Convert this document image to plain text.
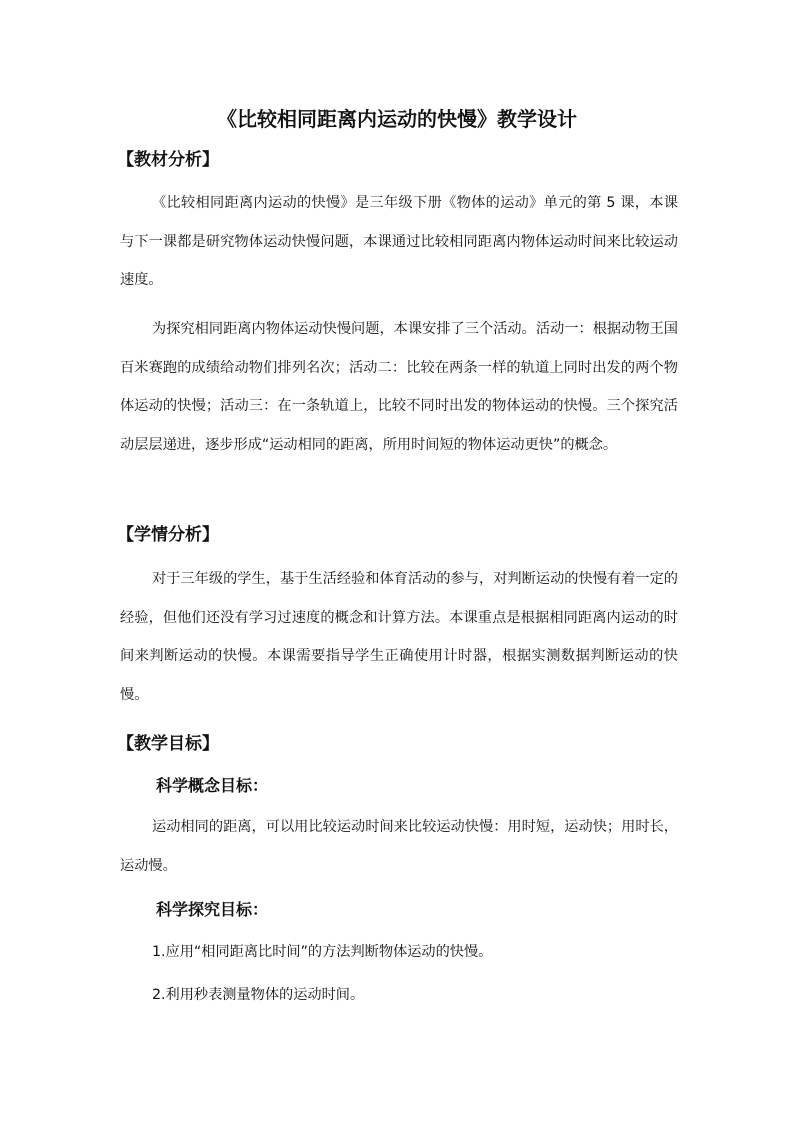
《比较相同距离内运动的快慢》教学设计
【教材分析】
《比较相同距离内运动的快慢》是三年级下册《物体的运动》单元的第 5 课，本课与下一课都是研究物体运动快慢问题，本课通过比较相同距离内物体运动时间来比较运动速度。
为探究相同距离内物体运动快慢问题，本课安排了三个活动。活动一：根据动物王国百米赛跑的成绩给动物们排列名次；活动二：比较在两条一样的轨道上同时出发的两个物体运动的快慢；活动三：在一条轨道上，比较不同时出发的物体运动的快慢。三个探究活动层层递进，逐步形成“运动相同的距离，所用时间短的物体运动更快”的概念。
【学情分析】
对于三年级的学生，基于生活经验和体育活动的参与，对判断运动的快慢有着一定的经验，但他们还没有学习过速度的概念和计算方法。本课重点是根据相同距离内运动的时间来判断运动的快慢。本课需要指导学生正确使用计时器，根据实测数据判断运动的快慢。
【教学目标】
科学概念目标：
运动相同的距离，可以用比较运动时间来比较运动快慢：用时短，运动快；用时长，运动慢。
科学探究目标：
1.应用“相同距离比时间”的方法判断物体运动的快慢。
2.利用秒表测量物体的运动时间。
